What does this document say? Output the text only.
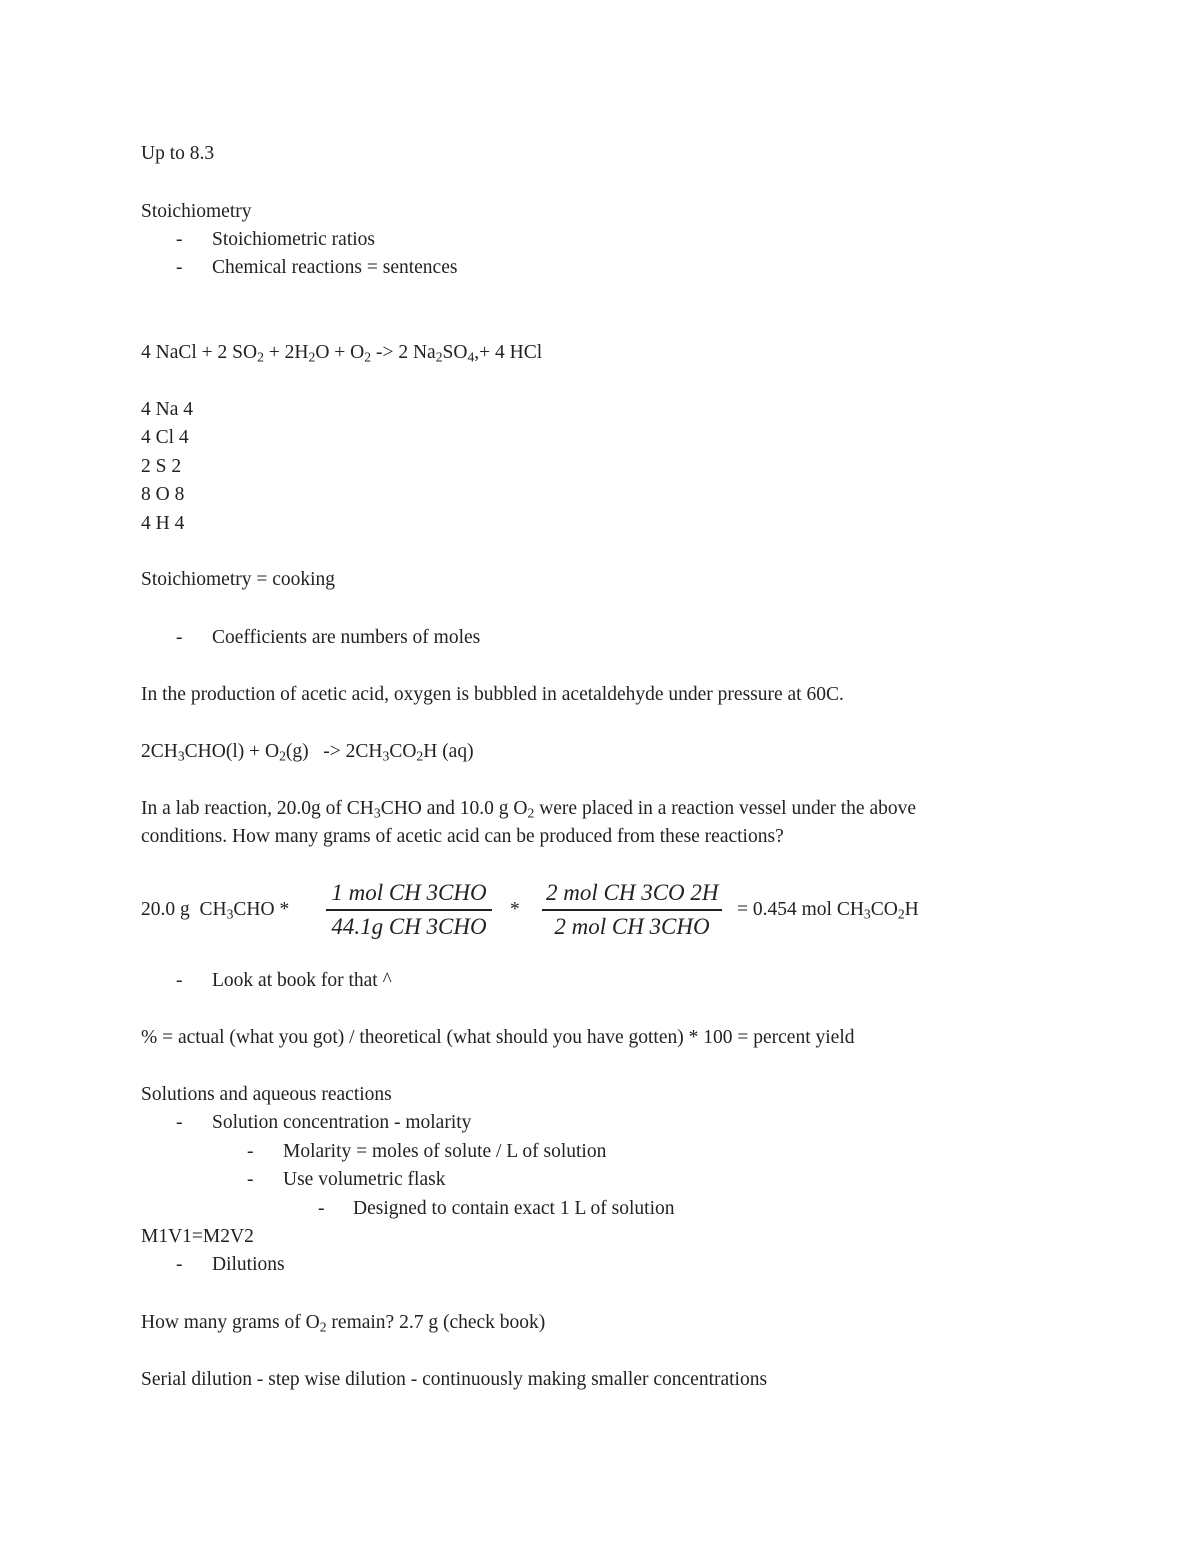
Up to 8.3
Stoichiometry
- Stoichiometric ratios
- Chemical reactions = sentences
4 NaCl + 2 $SO_2 + 2H_2O + O_2 -> 2$ $Na_2SO_4,+ 4$ HCl
4 Na 4
4 Cl 4
2 S 2
8 O 8
4 H 4
Stoichiometry = cooking
- Coefficients are numbers of moles
In the production of acetic acid, oxygen is bubbled in acetaldehyde under pressure at 60C.
$2CH_3CHO(l) + O_2(g) -> 2CH_3CO_2H$ (aq)
In a lab reaction, 20.0g of $CH_3CHO$ and 10.0 g $O_2$ were placed in a reaction vessel under the above
conditions. How many grams of acetic acid can be produced from these reactions?
20.0 g  $CH_3CHO$ *
1 mol CH 3CHO
44.1g CH 3CHO
*
2 mol CH 3CO 2H
2 mol CH 3CHO
= 0.454 mol $CH_3CO_2H$
- Look at book for that ^
% = actual (what you got) / theoretical (what should you have gotten) * 100 = percent yield
Solutions and aqueous reactions
- Solution concentration - molarity
- Molarity = moles of solute / L of solution
- Use volumetric flask
- Designed to contain exact 1 L of solution
M1V1=M2V2
- Dilutions
How many grams of $O_2$ remain? 2.7 g (check book)
Serial dilution - step wise dilution - continuously making smaller concentrations
